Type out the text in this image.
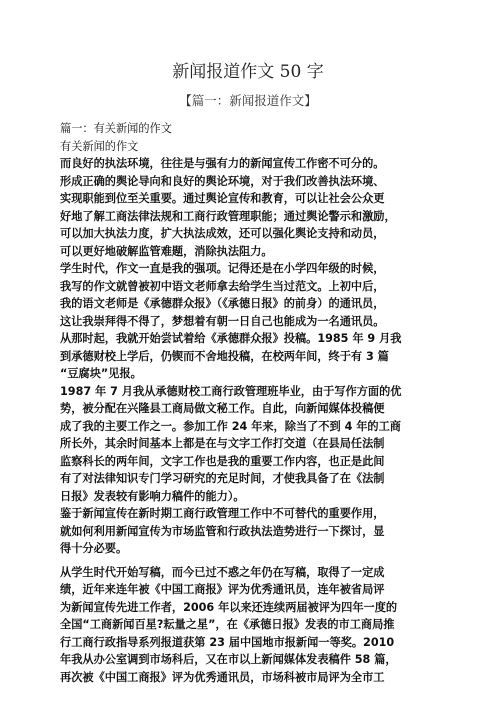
新闻报道作文 50 字
【篇一：新闻报道作文】
篇一：有关新闻的作文
有关新闻的作文
而良好的执法环境，往往是与强有力的新闻宣传工作密不可分的。
形成正确的舆论导向和良好的舆论环境，对于我们改善执法环境、
实现职能到位至关重要。通过舆论宣传和教育，可以让社会公众更
好地了解工商法律法规和工商行政管理职能；通过舆论警示和激励，
可以加大执法力度，扩大执法成效，还可以强化舆论支持和动员，
可以更好地破解监管难题，消除执法阻力。
学生时代，作文一直是我的强项。记得还是在小学四年级的时候，
我写的作文就曾被初中语文老师拿去给学生当过范文。上初中后，
我的语文老师是《承德群众报》（《承德日报》的前身）的通讯员，
这让我崇拜得不得了，梦想着有朝一日自己也能成为一名通讯员。
从那时起，我就开始尝试着给《承德群众报》投稿。1985 年 9 月我
到承德财校上学后，仍锲而不舍地投稿，在校两年间，终于有 3 篇
“豆腐块”见报。
1987 年 7 月我从承德财校工商行政管理班毕业，由于写作方面的优
势，被分配在兴隆县工商局做文秘工作。自此，向新闻媒体投稿便
成了我的主要工作之一。参加工作 24 年来，除当了不到 4 年的工商
所长外，其余时间基本上都是在与文字工作打交道（在县局任法制
监察科长的两年间，文字工作也是我的重要工作内容，也正是此间
有了对法律知识专门学习研究的充足时间，才使我具备了在《法制
日报》发表较有影响力稿件的能力）。
鉴于新闻宣传在新时期工商行政管理工作中不可替代的重要作用，
就如何利用新闻宣传为市场监管和行政执法造势进行一下探讨，显
得十分必要。
从学生时代开始写稿，而今已过不惑之年仍在写稿，取得了一定成
绩，近年来连年被《中国工商报》评为优秀通讯员，连年被省局评
为新闻宣传先进工作者，2006 年以来还连续两届被评为四年一度的
全国“工商新闻百星?耘量之星”，在《承德日报》发表的市工商局推
行工商行政指导系列报道获第 23 届中国地市报新闻一等奖。2010
年我从办公室调到市场科后，又在市以上新闻媒体发表稿件 58 篇，
再次被《中国工商报》评为优秀通讯员，市场科被市局评为全市工
